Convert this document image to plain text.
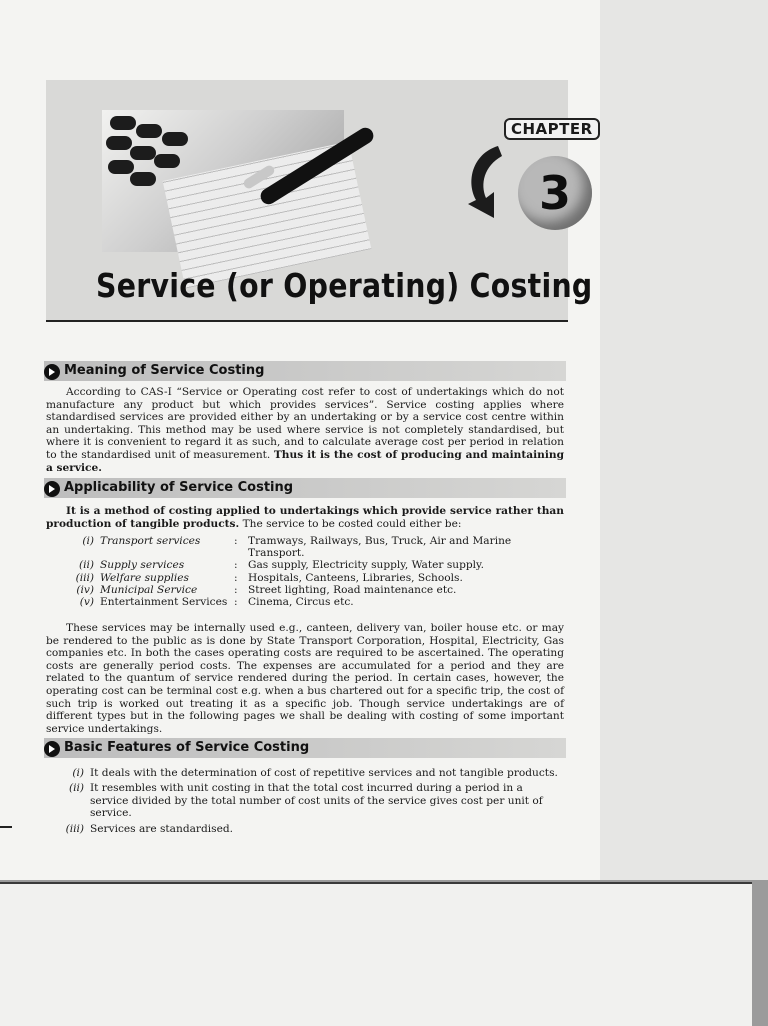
CHAPTER
3
Service (or Operating) Costing
Meaning of Service Costing
According to CAS-I “Service or Operating cost refer to cost of undertakings which do not manufacture any product but which provides services”. Service costing applies where standardised services are provided either by an undertaking or by a service cost centre within an undertaking. This method may be used where service is not completely standardised, but where it is convenient to regard it as such, and to calculate average cost per period in relation to the standardised unit of measurement. Thus it is the cost of producing and maintaining a service.
Applicability of Service Costing
It is a method of costing applied to undertakings which provide service rather than production of tangible products. The service to be costed could either be:
(i) Transport services	: Tramways, Railways, Bus, Truck, Air and Marine Transport.
(ii) Supply services	: Gas supply, Electricity supply, Water supply.
(iii) Welfare supplies	: Hospitals, Canteens, Libraries, Schools.
(iv) Municipal Service	: Street lighting, Road maintenance etc.
(v) Entertainment Services : Cinema, Circus etc.
These services may be internally used e.g., canteen, delivery van, boiler house etc. or may be rendered to the public as is done by State Transport Corporation, Hospital, Electricity, Gas companies etc. In both the cases operating costs are required to be ascertained. The operating costs are generally period costs. The expenses are accumulated for a period and they are related to the quantum of service rendered during the period. In certain cases, however, the operating cost can be terminal cost e.g. when a bus chartered out for a specific trip, the cost of such trip is worked out treating it as a specific job. Though service undertakings are of different types but in the following pages we shall be dealing with costing of some important service undertakings.
Basic Features of Service Costing
(i) It deals with the determination of cost of repetitive services and not tangible products.
(ii) It resembles with unit costing in that the total cost incurred during a period in a service divided by the total number of cost units of the service gives cost per unit of service.
(iii) Services are standardised.
